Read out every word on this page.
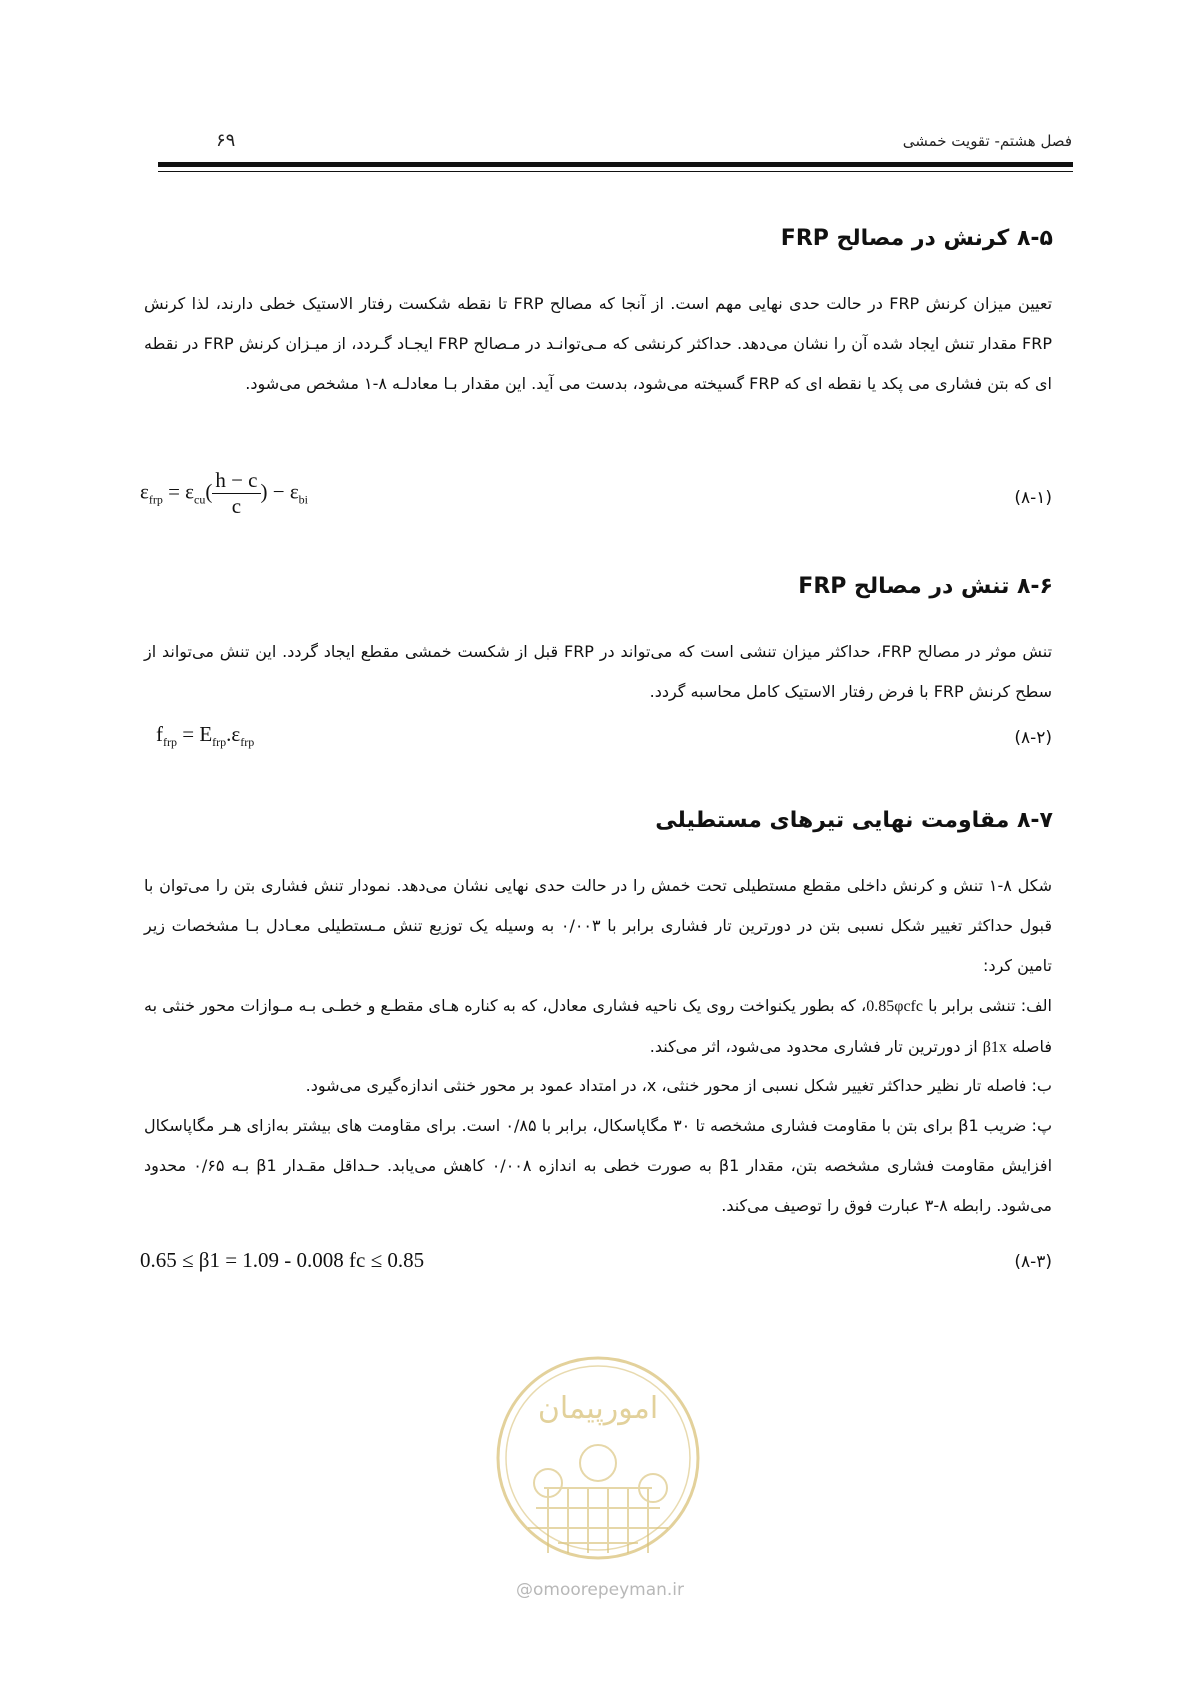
فصل هشتم- تقویت خمشی
۶۹
۸-۵ کرنش در مصالح FRP
تعیین میزان کرنش FRP در حالت حدی نهایی مهم است. از آنجا که مصالح FRP تا نقطه شکست رفتار الاستیک خطی دارند، لذا کرنش FRP مقدار تنش ایجاد شده آن را نشان می‌دهد. حداکثر کرنشی که مـی‌توانـد در مـصالح FRP ایجـاد گـردد، از میـزان کرنش FRP در نقطه ای که بتن فشاری می پکد یا نقطه ای که FRP گسیخته می‌شود، بدست می آید. این مقدار بـا معادلـه ۸-۱ مشخص می‌شود.
$\varepsilon_{frp} = \varepsilon_{cu}( \frac{h - c}{c}$ ) − $\varepsilon_{bi}$	(۸-۱)
۸-۶ تنش در مصالح FRP
تنش موثر در مصالح FRP، حداکثر میزان تنشی است که می‌تواند در FRP قبل از شکست خمشی مقطع ایجاد گردد. این تنش می‌تواند از سطح کرنش FRP با فرض رفتار الاستیک کامل محاسبه گردد.
$f_{frp} = E_{frp}.\varepsilon_{frp}$	(۸-۲)
۸-۷ مقاومت نهایی تیرهای مستطیلی
شکل ۸-۱ تنش و کرنش داخلی مقطع مستطیلی تحت خمش را در حالت حدی نهایی نشان می‌دهد. نمودار تنش فشاری بتن را می‌توان با قبول حداکثر تغییر شکل نسبی بتن در دورترین تار فشاری برابر با ۰/۰۰۳ به وسیله یک توزیع تنش مـستطیلی معـادل بـا مشخصات زیر تامین کرد:
الف: تنشی برابر با 0.85φcfc، که بطور یکنواخت روی یک ناحیه فشاری معادل، که به کناره هـای مقطـع و خطـی بـه مـوازات محور خنثی به فاصله β1x از دورترین تار فشاری محدود می‌شود، اثر می‌کند.
ب: فاصله تار نظیر حداکثر تغییر شکل نسبی از محور خنثی، x، در امتداد عمود بر محور خنثی اندازه‌گیری می‌شود.
پ: ضریب β1 برای بتن با مقاومت فشاری مشخصه تا ۳۰ مگاپاسکال، برابر با ۰/۸۵ است. برای مقاومت های بیشتر به‌ازای هـر مگاپاسکال افزایش مقاومت فشاری مشخصه بتن، مقدار β1 به صورت خطی به اندازه ۰/۰۰۸ کاهش می‌یابد. حـداقل مقـدار β1 بـه ۰/۶۵ محدود می‌شود. رابطه ۸-۳ عبارت فوق را توصیف می‌کند.
0.65 ≤ β1 = 1.09 - 0.008 fc ≤ 0.85	(۸-۳)
امورپیمان
@omoorepeyman.ir
